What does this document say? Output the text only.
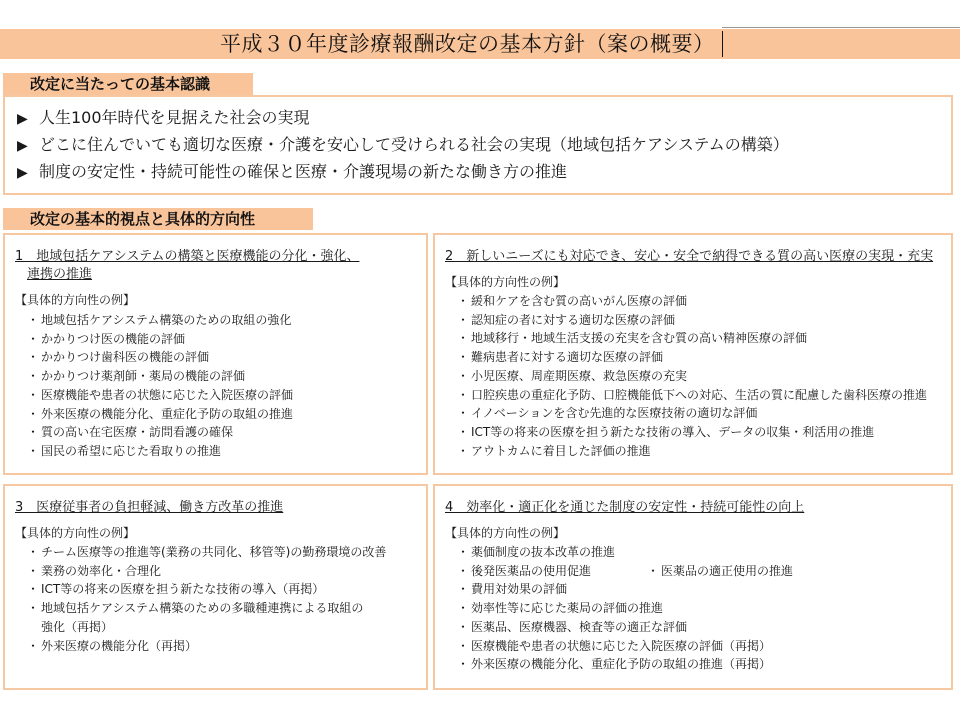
平成３０年度診療報酬改定の基本方針（案の概要）
改定に当たっての基本認識
▶ 人生100年時代を見据えた社会の実現
▶ どこに住んでいても適切な医療・介護を安心して受けられる社会の実現（地域包括ケアシステムの構築）
▶ 制度の安定性・持続可能性の確保と医療・介護現場の新たな働き方の推進
改定の基本的視点と具体的方向性
1　地域包括ケアシステムの構築と医療機能の分化・強化、
連携の推進
【具体的方向性の例】
・ 地域包括ケアシステム構築のための取組の強化
・ かかりつけ医の機能の評価
・ かかりつけ歯科医の機能の評価
・ かかりつけ薬剤師・薬局の機能の評価
・ 医療機能や患者の状態に応じた入院医療の評価
・ 外来医療の機能分化、重症化予防の取組の推進
・ 質の高い在宅医療・訪問看護の確保
・ 国民の希望に応じた看取りの推進
2　新しいニーズにも対応でき、安心・安全で納得できる質の高い医療の実現・充実
【具体的方向性の例】
・ 緩和ケアを含む質の高いがん医療の評価
・ 認知症の者に対する適切な医療の評価
・ 地域移行・地域生活支援の充実を含む質の高い精神医療の評価
・ 難病患者に対する適切な医療の評価
・ 小児医療、周産期医療、救急医療の充実
・ 口腔疾患の重症化予防、口腔機能低下への対応、生活の質に配慮した歯科医療の推進
・ イノベーションを含む先進的な医療技術の適切な評価
・ ICT等の将来の医療を担う新たな技術の導入、データの収集・利活用の推進
・ アウトカムに着目した評価の推進
3　医療従事者の負担軽減、働き方改革の推進
【具体的方向性の例】
・ チーム医療等の推進等(業務の共同化、移管等)の勤務環境の改善
・ 業務の効率化・合理化
・ ICT等の将来の医療を担う新たな技術の導入（再掲）
・ 地域包括ケアシステム構築のための多職種連携による取組の
強化（再掲）
・ 外来医療の機能分化（再掲）
4　効率化・適正化を通じた制度の安定性・持続可能性の向上
【具体的方向性の例】
・ 薬価制度の抜本改革の推進
・ 後発医薬品の使用促進	・ 医薬品の適正使用の推進
・ 費用対効果の評価
・ 効率性等に応じた薬局の評価の推進
・ 医薬品、医療機器、検査等の適正な評価
・ 医療機能や患者の状態に応じた入院医療の評価（再掲）
・ 外来医療の機能分化、重症化予防の取組の推進（再掲）
